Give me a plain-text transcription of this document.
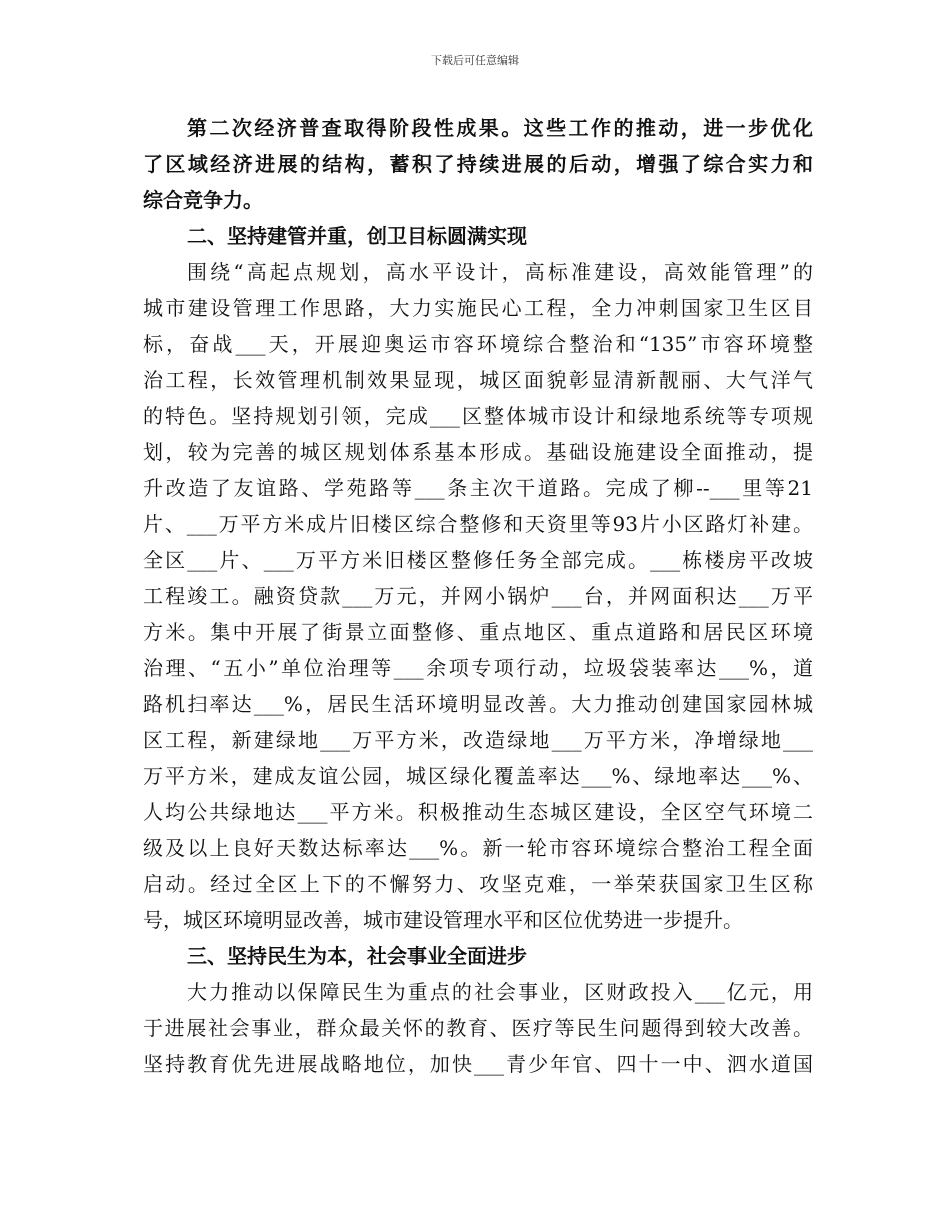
下载后可任意编辑
第二次经济普查取得阶段性成果。这些工作的推动，进一步优化
了区域经济进展的结构，蓄积了持续进展的后动，增强了综合实力和
综合竞争力。
二、坚持建管并重，创卫目标圆满实现
围绕“高起点规划，高水平设计，高标准建设，高效能管理”的
城市建设管理工作思路，大力实施民心工程，全力冲刺国家卫生区目
标，奋战___天，开展迎奥运市容环境综合整治和“135”市容环境整
治工程，长效管理机制效果显现，城区面貌彰显清新靓丽、大气洋气
的特色。坚持规划引领，完成___区整体城市设计和绿地系统等专项规
划，较为完善的城区规划体系基本形成。基础设施建设全面推动，提
升改造了友谊路、学苑路等___条主次干道路。完成了柳--___里等21
片、___万平方米成片旧楼区综合整修和天资里等93片小区路灯补建。
全区___片、___万平方米旧楼区整修任务全部完成。___栋楼房平改坡
工程竣工。融资贷款___万元，并网小锅炉___台，并网面积达___万平
方米。集中开展了街景立面整修、重点地区、重点道路和居民区环境
治理、“五小”单位治理等___余项专项行动，垃圾袋装率达___%，道
路机扫率达___%，居民生活环境明显改善。大力推动创建国家园林城
区工程，新建绿地___万平方米，改造绿地___万平方米，净增绿地___
万平方米，建成友谊公园，城区绿化覆盖率达___%、绿地率达___%、
人均公共绿地达___平方米。积极推动生态城区建设，全区空气环境二
级及以上良好天数达标率达___%。新一轮市容环境综合整治工程全面
启动。经过全区上下的不懈努力、攻坚克难，一举荣获国家卫生区称
号，城区环境明显改善，城市建设管理水平和区位优势进一步提升。
三、坚持民生为本，社会事业全面进步
大力推动以保障民生为重点的社会事业，区财政投入___亿元，用
于进展社会事业，群众最关怀的教育、医疗等民生问题得到较大改善。
坚持教育优先进展战略地位，加快___青少年官、四十一中、泗水道国
